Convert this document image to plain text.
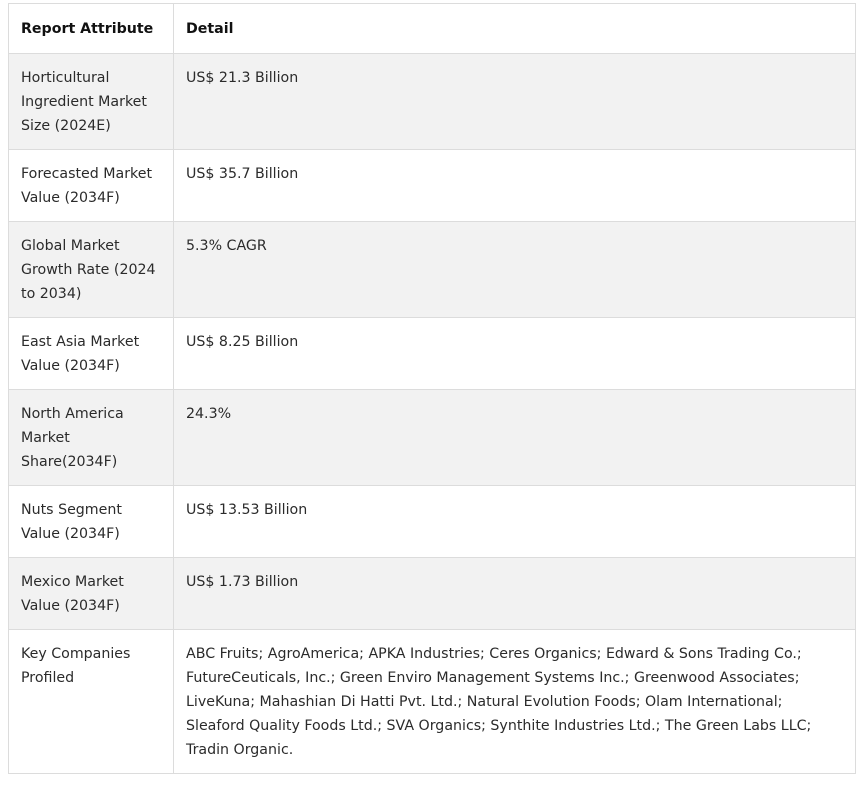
Report Attribute	Detail
Horticultural Ingredient Market Size (2024E)	US$ 21.3 Billion
Forecasted Market Value (2034F)	US$ 35.7 Billion
Global Market Growth Rate (2024 to 2034)	5.3% CAGR
East Asia Market Value (2034F)	US$ 8.25 Billion
North America Market Share(2034F)	24.3%
Nuts Segment Value (2034F)	US$ 13.53 Billion
Mexico Market Value (2034F)	US$ 1.73 Billion
Key Companies Profiled	ABC Fruits; AgroAmerica; APKA Industries; Ceres Organics; Edward & Sons Trading Co.; FutureCeuticals, Inc.; Green Enviro Management Systems Inc.; Greenwood Associates; LiveKuna; Mahashian Di Hatti Pvt. Ltd.; Natural Evolution Foods; Olam International; Sleaford Quality Foods Ltd.; SVA Organics; Synthite Industries Ltd.; The Green Labs LLC; Tradin Organic.
